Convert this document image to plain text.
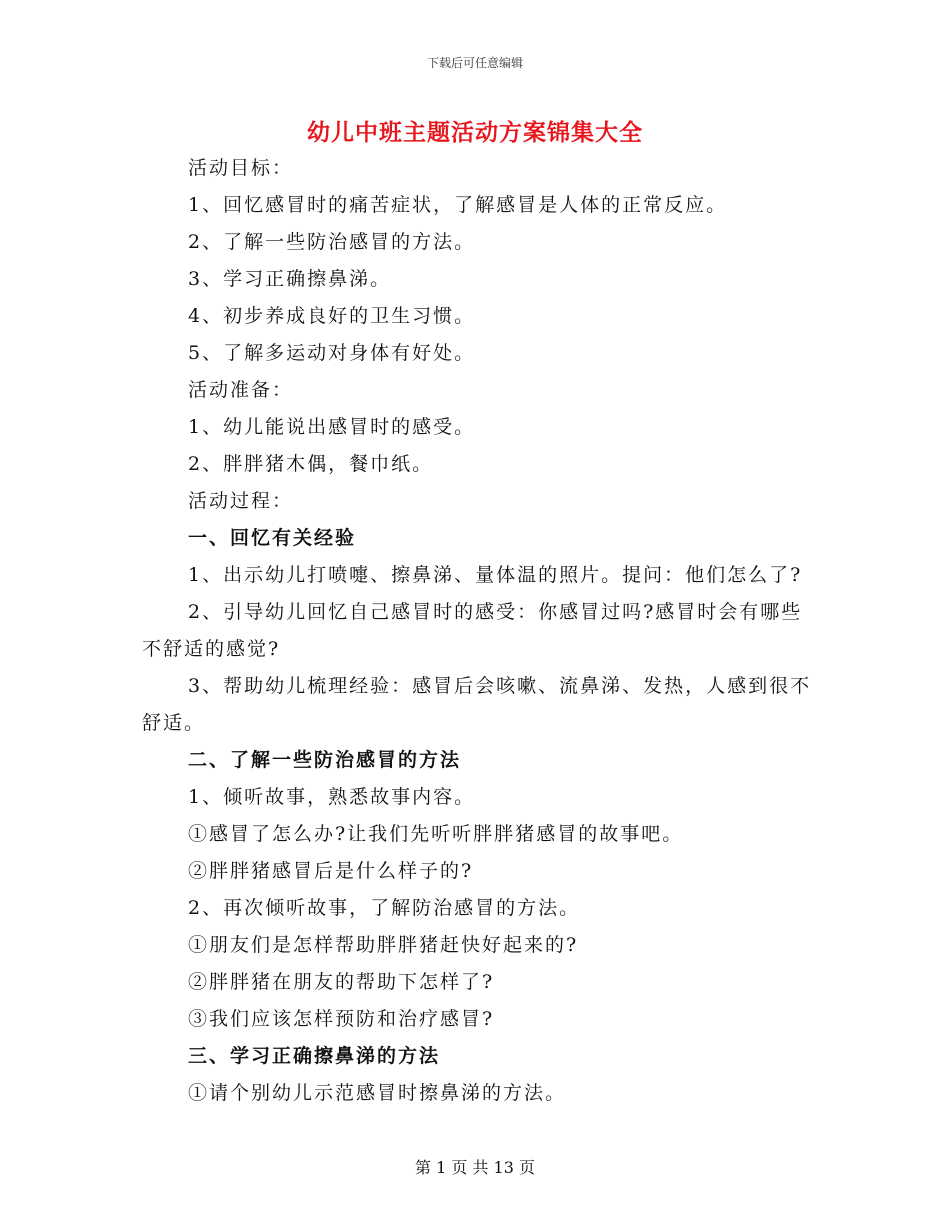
下载后可任意编辑
幼儿中班主题活动方案锦集大全

活动目标：

1、回忆感冒时的痛苦症状，了解感冒是人体的正常反应。

2、了解一些防治感冒的方法。

3、学习正确擦鼻涕。

4、初步养成良好的卫生习惯。

5、了解多运动对身体有好处。

活动准备：

1、幼儿能说出感冒时的感受。

2、胖胖猪木偶，餐巾纸。

活动过程：

一、回忆有关经验

1、出示幼儿打喷嚏、擦鼻涕、量体温的照片。提问：他们怎么了?

2、引导幼儿回忆自己感冒时的感受：你感冒过吗?感冒时会有哪些不舒适的感觉?

3、帮助幼儿梳理经验：感冒后会咳嗽、流鼻涕、发热，人感到很不舒适。

二、了解一些防治感冒的方法

1、倾听故事，熟悉故事内容。

①感冒了怎么办?让我们先听听胖胖猪感冒的故事吧。

②胖胖猪感冒后是什么样子的?

2、再次倾听故事，了解防治感冒的方法。

①朋友们是怎样帮助胖胖猪赶快好起来的?

②胖胖猪在朋友的帮助下怎样了?

③我们应该怎样预防和治疗感冒?

三、学习正确擦鼻涕的方法

①请个别幼儿示范感冒时擦鼻涕的方法。

第 1 页 共 13 页
